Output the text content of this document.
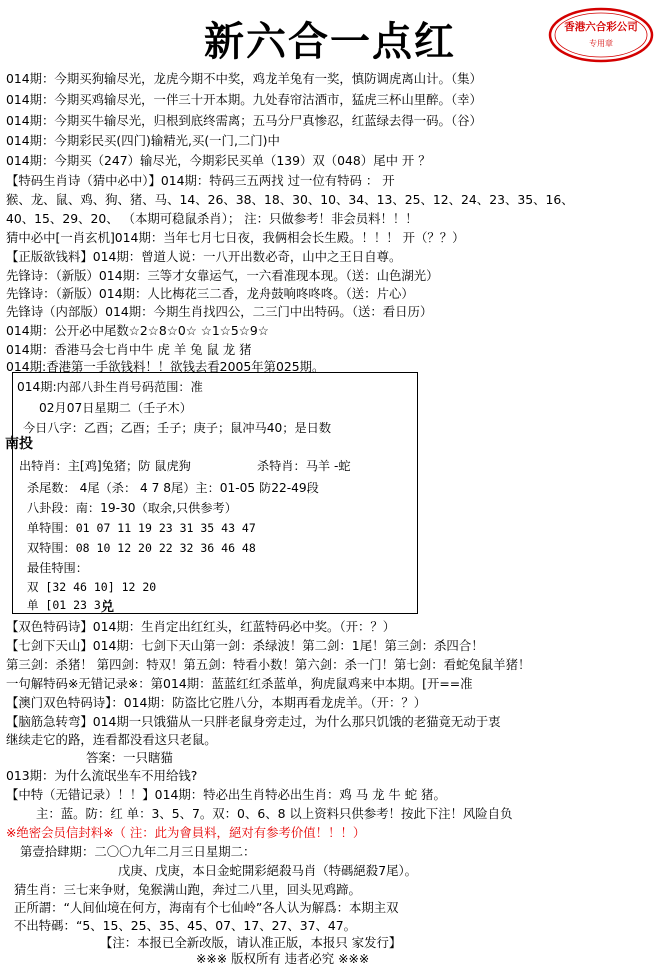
新六合一点红	香港六合彩公司
专用章
014期：今期买狗输尽光，龙虎今期不中奖，鸡龙羊兔有一奖，慎防调虎离山计。（集）
014期：今期买鸡输尽光，一伴三十开本期。九处春帘沽酒市，猛虎三杯山里醉。（幸）
014期：今期买牛输尽光，归根到底终需离；五马分尸真惨忍，红蓝绿去得一码。（谷）
014期：今期彩民买(四门)输精光,买(一门,二门)中
014期：今期买（247）输尽光，今期彩民买单（139）双（048）尾中 开 ？
【特码生肖诗（猜中必中）】014期：特码三五两找 过一位有特码 ： 开
猴、龙、鼠、鸡、狗、猪、马、14、26、38、18、30、10、34、13、25、12、24、23、35、16、
40、15、29、20、 （本期可稳鼠杀肖）； 注：只做参考！非会员料！！！
猜中必中[一肖玄机]014期：当年七月七日夜，我俩相会长生殿。！！！ 开（？？）
【正版欲钱料】014期：曾道人说：一八开出数必奇，山中之王日自尊。
先锋诗：（新版）014期：三等才女靠运气，一六看准现本现。（送：山色湖光）
先锋诗：（新版）014期：人比梅花三二香，龙舟鼓响咚咚咚。（送：片心）
先锋诗（内部版）014期：今期生肖找四公，二三门中出特码。（送：看日历）
014期：公开必中尾数☆2☆8☆0☆ ☆1☆5☆9☆
014期：香港马会七肖中牛 虎 羊 兔 鼠 龙 猪
014期:香港第一手欲钱料！！欲钱去看2005年第025期。
014期:内部八卦生肖号码范围：准
02月07日星期二（壬子木）
今日八字：乙酉；乙酉；壬子；庚子；鼠冲马40；是日数
南投
出特肖：主[鸡]兔猪；防 鼠虎狗	杀特肖：马羊 -蛇
杀尾数： 4尾（杀： 4 7 8尾）主：01-05 防22-49段
八卦段：南：19-30（取余,只供参考）
单特围：01 07 11 19 23 31 35 43 47
双特围：08 10 12 20 22 32 36 46 48
最佳特围：
双 [32 46 10] 12 20
单 [01 23 3 兑
【双色特码诗】014期：生肖定出红红头，红蓝特码必中奖。（开：？）
【七剑下天山】014期：七剑下天山第一剑：杀绿波！第二剑：1尾！第三剑：杀四合！
第三剑：杀猪！ 第四剑：特双！第五剑：特看小数！第六剑：杀一门！第七剑：看蛇兔鼠羊猪！
一句解特码※无错记录※：第014期：蓝蓝红红杀蓝单，狗虎鼠鸡来中本期。[开==准
【澳门双色特码诗】：014期：防盗比它胜八分，本期再看龙虎羊。（开：？）
【脑筋急转弯】014期一只饿猫从一只胖老鼠身旁走过，为什么那只饥饿的老猫竟无动于衷
继续走它的路，连看都没看这只老鼠。
答案：一只瞎猫
013期：为什么流氓坐车不用给钱?
【中特（无错记录）！！】014期：特必出生肖特必出生肖：鸡 马 龙 牛 蛇 猪。
主：蓝。防：红 单：3、5、7。双：0、6、8 以上资料只供参考！按此下注！风险自负
※绝密会员信封料※（ 注：此为會員料，絕对有参考价值！！！）
第壹拾肆期：二〇〇九年二月三日星期二：
戊庚、戊庚，本日金蛇開彩絕殺马肖（特碼絕殺7尾）。
猜生肖：三七来争财，兔猴满山跑，奔过二八里，回头见鸡蹄。
正所謂：“人间仙境在何方，海南有个七仙岭”各人认为解爲：本期主双
不出特碼：“5、15、25、35、45、07、17、27、37、47。
【注：本报已全新改版，请认准正版，本报只 家发行】
※※※ 版权所有 违者必究 ※※※
